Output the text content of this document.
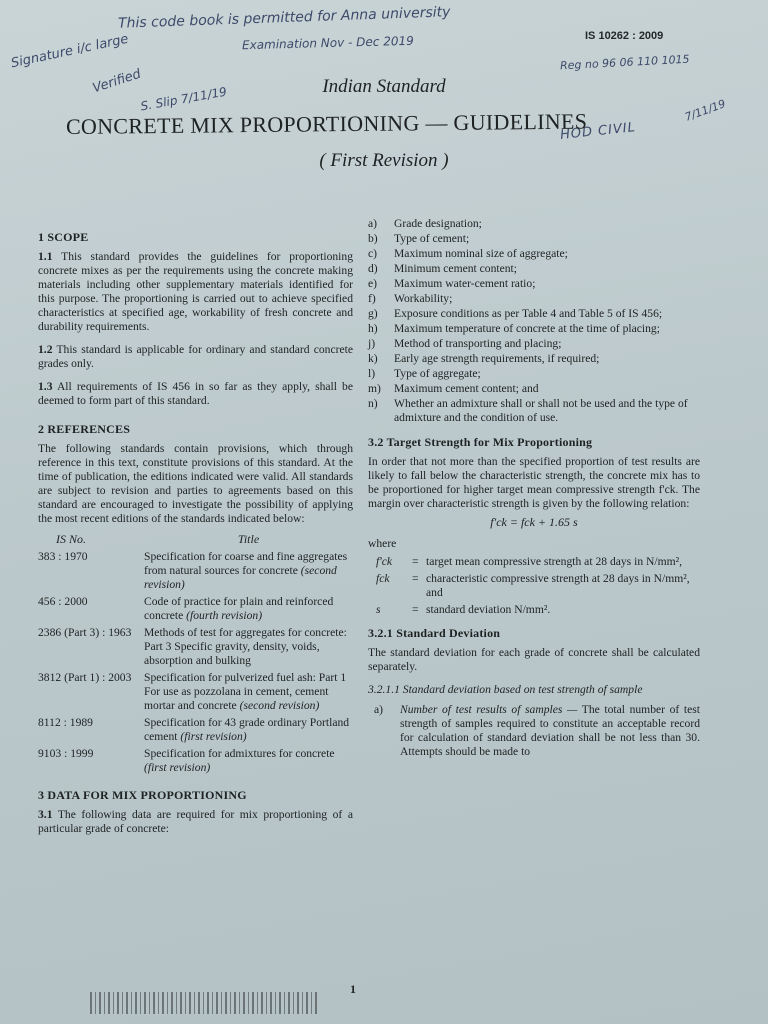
This code book is permitted for Anna university
Examination Nov - Dec 2019
Signature i/c large
Verified
S. Slip 7/11/19
Reg no 96 06 110 1015
HOD CIVIL
7/11/19
IS 10262 : 2009
Indian Standard
CONCRETE MIX PROPORTIONING — GUIDELINES
( First Revision )
1 SCOPE
1.1 This standard provides the guidelines for proportioning concrete mixes as per the requirements using the concrete making materials including other supplementary materials identified for this purpose. The proportioning is carried out to achieve specified characteristics at specified age, workability of fresh concrete and durability requirements.
1.2 This standard is applicable for ordinary and standard concrete grades only.
1.3 All requirements of IS 456 in so far as they apply, shall be deemed to form part of this standard.
2 REFERENCES
The following standards contain provisions, which through reference in this text, constitute provisions of this standard. At the time of publication, the editions indicated were valid. All standards are subject to revision and parties to agreements based on this standard are encouraged to investigate the possibility of applying the most recent editions of the standards indicated below:
IS No.	Title
383 : 1970	Specification for coarse and fine aggregates from natural sources for concrete (second revision)
456 : 2000	Code of practice for plain and reinforced concrete (fourth revision)
2386 (Part 3) : 1963	Methods of test for aggregates for concrete: Part 3 Specific gravity, density, voids, absorption and bulking
3812 (Part 1) : 2003	Specification for pulverized fuel ash: Part 1 For use as pozzolana in cement, cement mortar and concrete (second revision)
8112 : 1989	Specification for 43 grade ordinary Portland cement (first revision)
9103 : 1999	Specification for admixtures for concrete (first revision)
3 DATA FOR MIX PROPORTIONING
3.1 The following data are required for mix proportioning of a particular grade of concrete:
a)	Grade designation;
b)	Type of cement;
c)	Maximum nominal size of aggregate;
d)	Minimum cement content;
e)	Maximum water-cement ratio;
f)	Workability;
g)	Exposure conditions as per Table 4 and Table 5 of IS 456;
h)	Maximum temperature of concrete at the time of placing;
j)	Method of transporting and placing;
k)	Early age strength requirements, if required;
l)	Type of aggregate;
m)	Maximum cement content; and
n)	Whether an admixture shall or shall not be used and the type of admixture and the condition of use.
3.2 Target Strength for Mix Proportioning
In order that not more than the specified proportion of test results are likely to fall below the characteristic strength, the concrete mix has to be proportioned for higher target mean compressive strength f'ck. The margin over characteristic strength is given by the following relation:
f'ck = fck + 1.65 s
where
f'ck	=	target mean compressive strength at 28 days in N/mm²,
fck	=	characteristic compressive strength at 28 days in N/mm², and
s	=	standard deviation N/mm².
3.2.1 Standard Deviation
The standard deviation for each grade of concrete shall be calculated separately.
3.2.1.1 Standard deviation based on test strength of sample
a)	Number of test results of samples — The total number of test strength of samples required to constitute an acceptable record for calculation of standard deviation shall be not less than 30. Attempts should be made to
1
